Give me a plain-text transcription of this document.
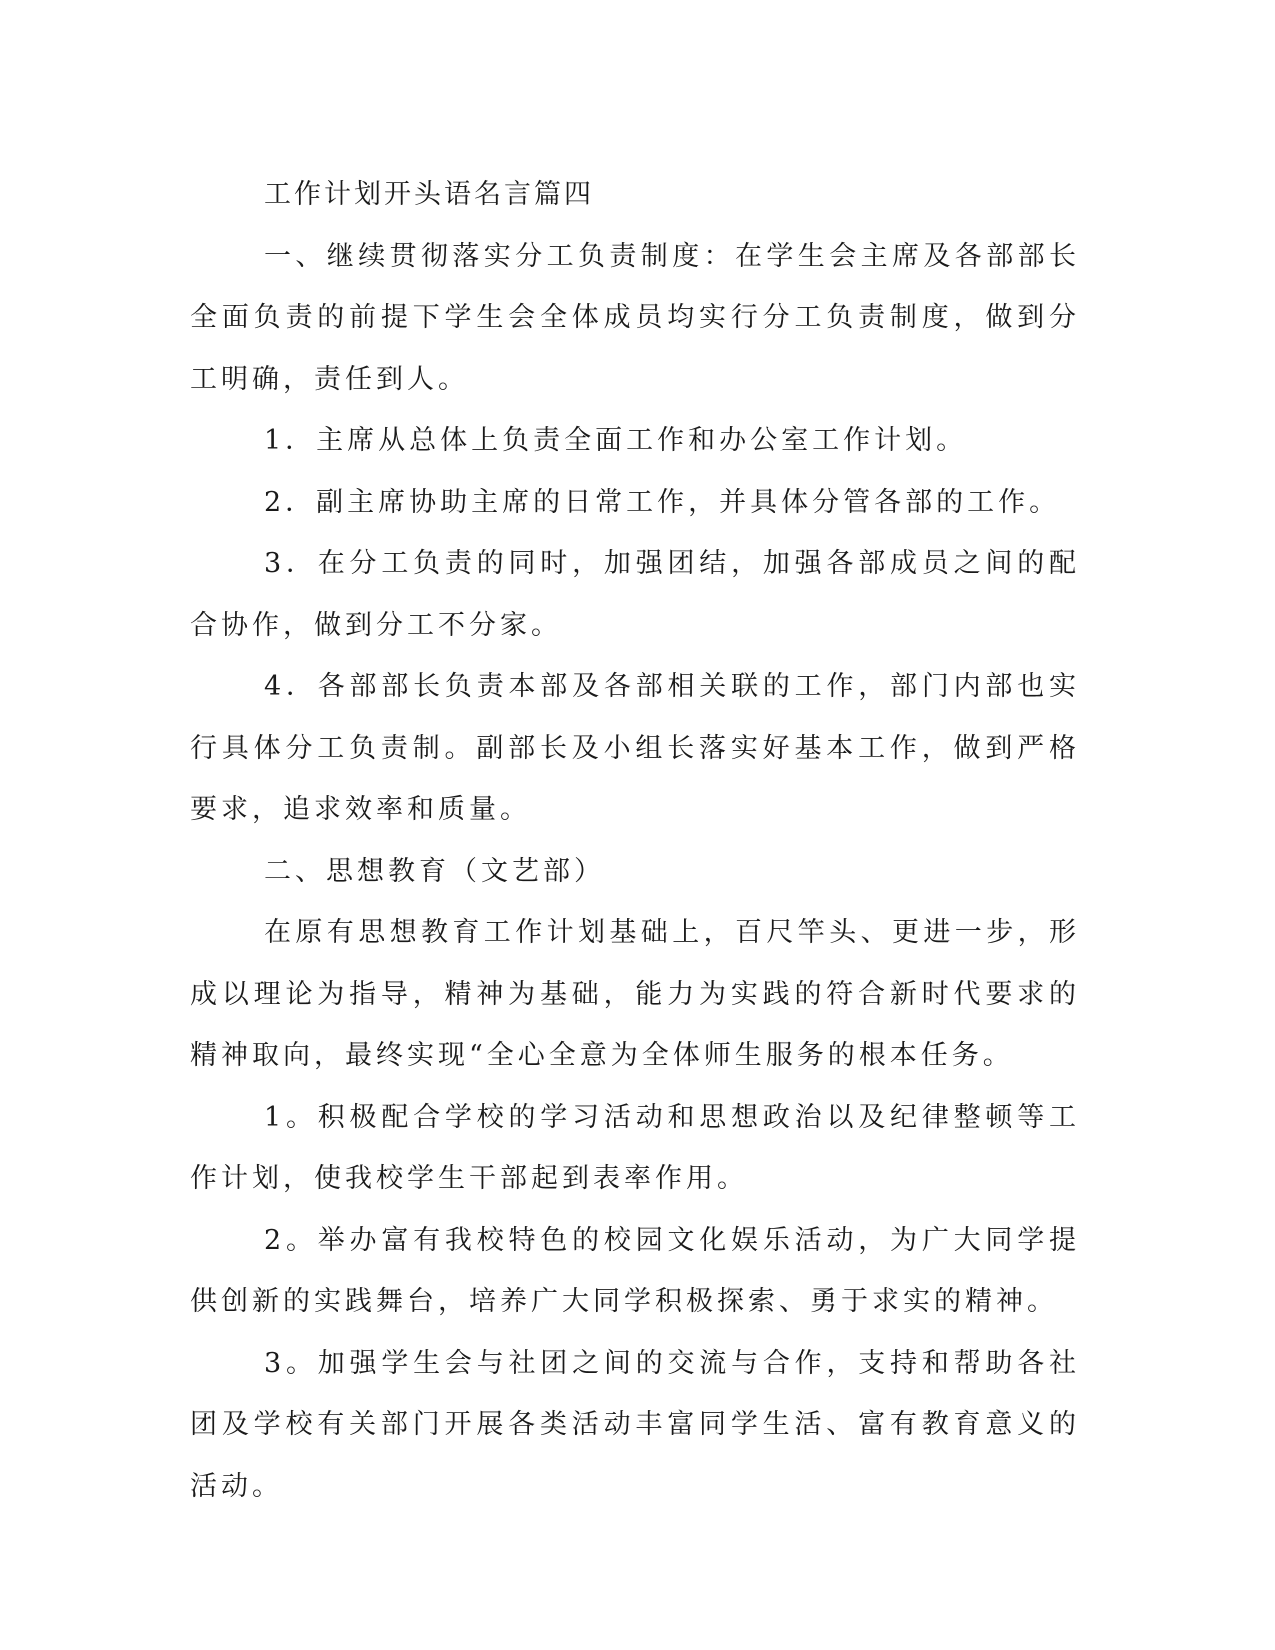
工作计划开头语名言篇四

一、继续贯彻落实分工负责制度：在学生会主席及各部部长全面负责的前提下学生会全体成员均实行分工负责制度，做到分工明确，责任到人。

1．主席从总体上负责全面工作和办公室工作计划。

2．副主席协助主席的日常工作，并具体分管各部的工作。

3．在分工负责的同时，加强团结，加强各部成员之间的配合协作，做到分工不分家。

4．各部部长负责本部及各部相关联的工作，部门内部也实行具体分工负责制。副部长及小组长落实好基本工作，做到严格要求，追求效率和质量。

二、思想教育（文艺部）

在原有思想教育工作计划基础上，百尺竿头、更进一步，形成以理论为指导，精神为基础，能力为实践的符合新时代要求的精神取向，最终实现“全心全意为全体师生服务的根本任务。

1。积极配合学校的学习活动和思想政治以及纪律整顿等工作计划，使我校学生干部起到表率作用。

2。举办富有我校特色的校园文化娱乐活动，为广大同学提供创新的实践舞台，培养广大同学积极探索、勇于求实的精神。

3。加强学生会与社团之间的交流与合作，支持和帮助各社团及学校有关部门开展各类活动丰富同学生活、富有教育意义的活动。
